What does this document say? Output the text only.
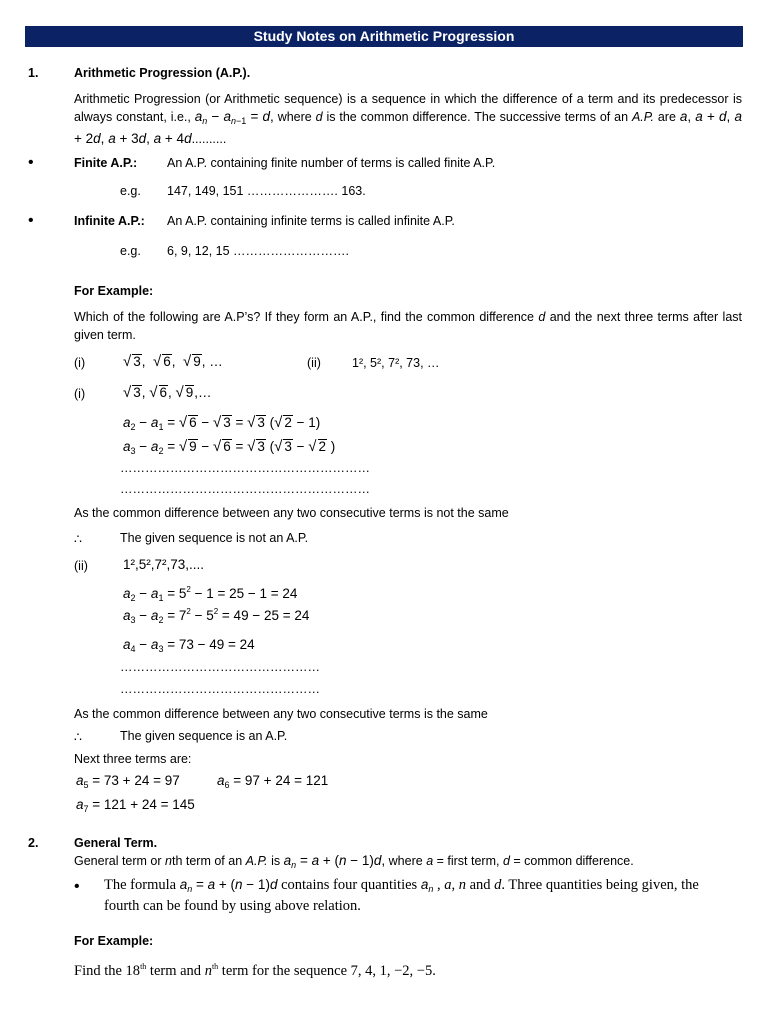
Study Notes on Arithmetic Progression
1.	Arithmetic Progression (A.P.).
Arithmetic Progression (or Arithmetic sequence) is a sequence in which the difference of a term and its predecessor is always constant, i.e., $a_n - a_{n-1} = d$, where d is the common difference. The successive terms of an A.P. are a, a + d, a + 2d, a + 3d, a + 4d..........
•	Finite A.P.: An A.P. containing finite number of terms is called finite A.P.
e.g. 147, 149, 151 …………………. 163.
•	Infinite A.P.: An A.P. containing infinite terms is called infinite A.P.
e.g. 6, 9, 12, 15 ……………………….
For Example:
Which of the following are A.P’s? If they form an A.P., find the common difference d and the next three terms after last given term.
(i)	√ 3,  √ 6,  √ 9, …	(ii) 1², 5², 7², 73, …
(i)	√ 3, √ 6, √ 9,…
$a_2 - a_1$ = √ 6 − √ 3 = √ 3 (√ 2 − 1)
$a_3 - a_2$ = √ 9 − √ 6 = √ 3 (√ 3 − √ 2 )
……………………………………………………
……………………………………………………
As the common difference between any two consecutive terms is not the same
∴	The given sequence is not an A.P.
(ii)	1²,5²,7²,73,....
$a_2 - a_1 = 5^2 - 1 = 25 - 1 = 24$
$a_3 - a_2 = 7^2 - 5^2 = 49 - 25 = 24$
$a_4 - a_3 = 73 - 49 = 24$
…………………………………………
…………………………………………
As the common difference between any two consecutive terms is the same
∴	The given sequence is an A.P.
Next three terms are:
$a_5 = 73 + 24 = 97$	$a_6 = 97 + 24 = 121$
$a_7 = 121 + 24 = 145$
2.	General Term.
General term or nth term of an A.P. is $a_n = a + (n - 1)d$, where a = first term, d = common difference.
• The formula $a_n = a + (n - 1)d$ contains four quantities $a_n$ , a, n and d. Three quantities being given, the
fourth can be found by using above relation.
For Example:
Find the 18th term and $n^{th}$ term for the sequence 7, 4, 1, −2, −5.
